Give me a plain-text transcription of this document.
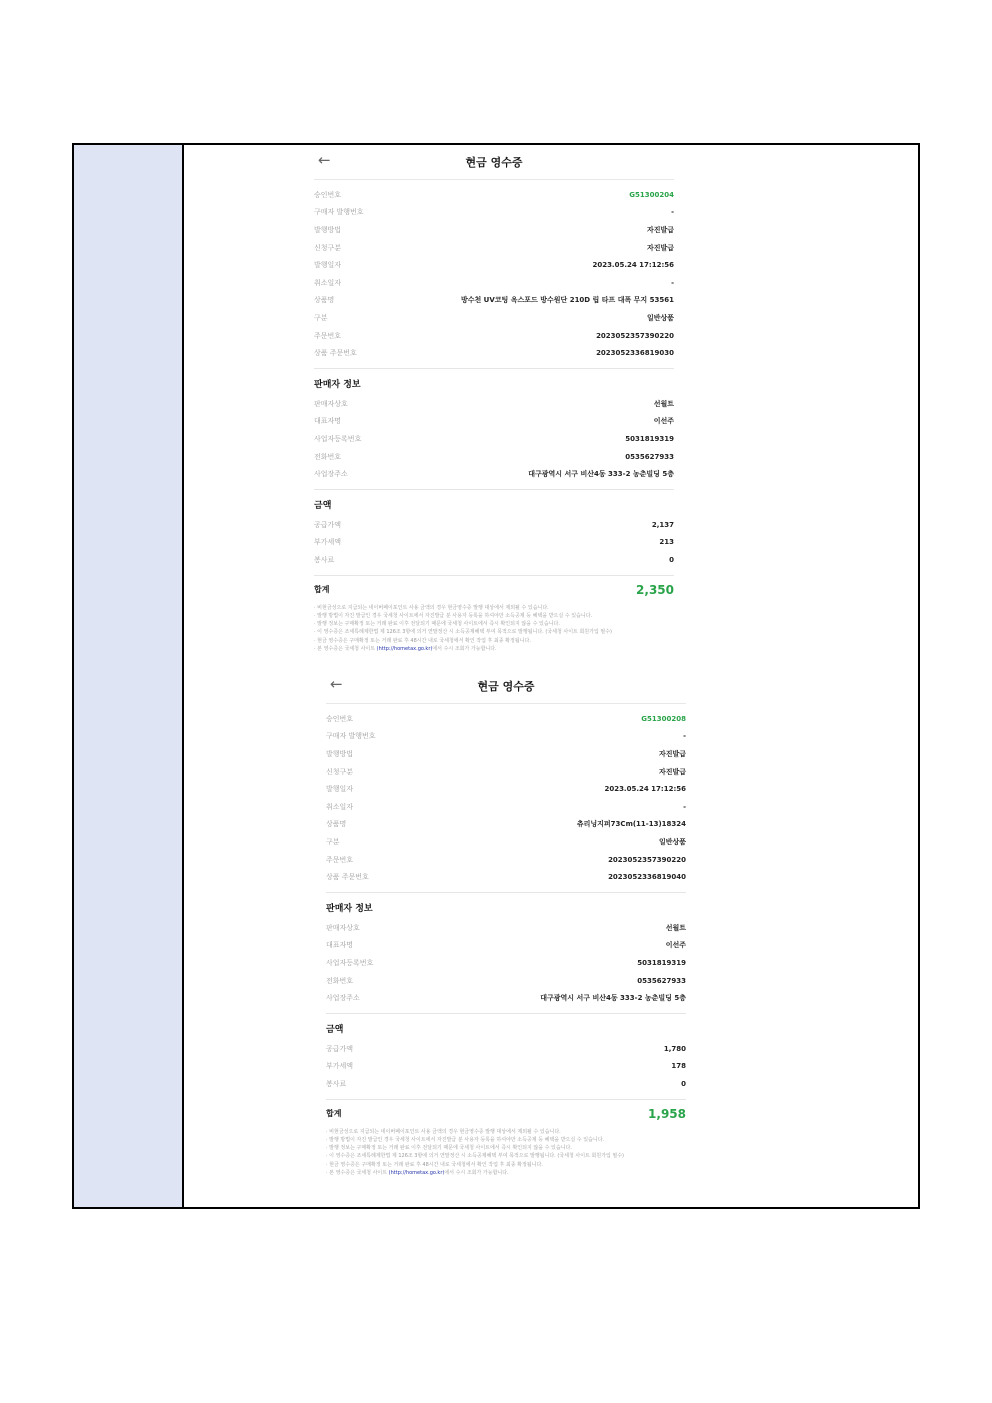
←	현금 영수증
승인번호	G51300204
구매자 발행번호	-
발행방법	자진발급
신청구분	자진발급
발행일자	2023.05.24 17:12:56
취소일자	-
상품명	방수천 UV코팅 옥스포드 방수원단 210D 립 타프 대폭 무지 53561
구분	일반상품
주문번호	2023052357390220
상품 주문번호	2023052336819030
판매자 정보
판매자상호	선월트
대표자명	이선주
사업자등록번호	5031819319
전화번호	0535627933
사업장주소	대구광역시 서구 비산4동 333-2 농춘빌딩 5층
금액
공급가액	2,137
부가세액	213
봉사료	0
합계	2,350
· 비현금성으로 지급되는 네이버페이포인트 사용 금액의 경우 현금영수증 발행 대상에서 제외될 수 있습니다.
· 발행 방법이 자진 발급인 경우 국세청 사이트에서 자진발급 분 사용자 등록을 하셔야만 소득공제 등 혜택을 받으실 수 있습니다.
· 발행 정보는 구매확정 또는 거래 완료 이후 전달되기 때문에 국세청 사이트에서 즉시 확인되지 않을 수 있습니다.
· 이 영수증은 조세특례제한법 제 126조 3항에 의거 연말정산 시 소득공제혜택 부여 목적으로 발행됩니다. (국세청 사이트 회원가입 필수)
· 현금 영수증은 구매확정 또는 거래 완료 후 48시간 내로 국세청에서 확인 작업 후 최종 확정됩니다.
· 본 영수증은 국세청 사이트 (http://hometax.go.kr)에서 수시 조회가 가능합니다.
←	현금 영수증
승인번호	G51300208
구매자 발행번호	-
발행방법	자진발급
신청구분	자진발급
발행일자	2023.05.24 17:12:56
취소일자	-
상품명	츄리닝지퍼73Cm(11-13)18324
구분	일반상품
주문번호	2023052357390220
상품 주문번호	2023052336819040
판매자 정보
판매자상호	선월트
대표자명	이선주
사업자등록번호	5031819319
전화번호	0535627933
사업장주소	대구광역시 서구 비산4동 333-2 농춘빌딩 5층
금액
공급가액	1,780
부가세액	178
봉사료	0
합계	1,958
· 비현금성으로 지급되는 네이버페이포인트 사용 금액의 경우 현금영수증 발행 대상에서 제외될 수 있습니다.
· 발행 방법이 자진 발급인 경우 국세청 사이트에서 자진발급 분 사용자 등록을 하셔야만 소득공제 등 혜택을 받으실 수 있습니다.
· 발행 정보는 구매확정 또는 거래 완료 이후 전달되기 때문에 국세청 사이트에서 즉시 확인되지 않을 수 있습니다.
· 이 영수증은 조세특례제한법 제 126조 3항에 의거 연말정산 시 소득공제혜택 부여 목적으로 발행됩니다. (국세청 사이트 회원가입 필수)
· 현금 영수증은 구매확정 또는 거래 완료 후 48시간 내로 국세청에서 확인 작업 후 최종 확정됩니다.
· 본 영수증은 국세청 사이트 (http://hometax.go.kr)에서 수시 조회가 가능합니다.
